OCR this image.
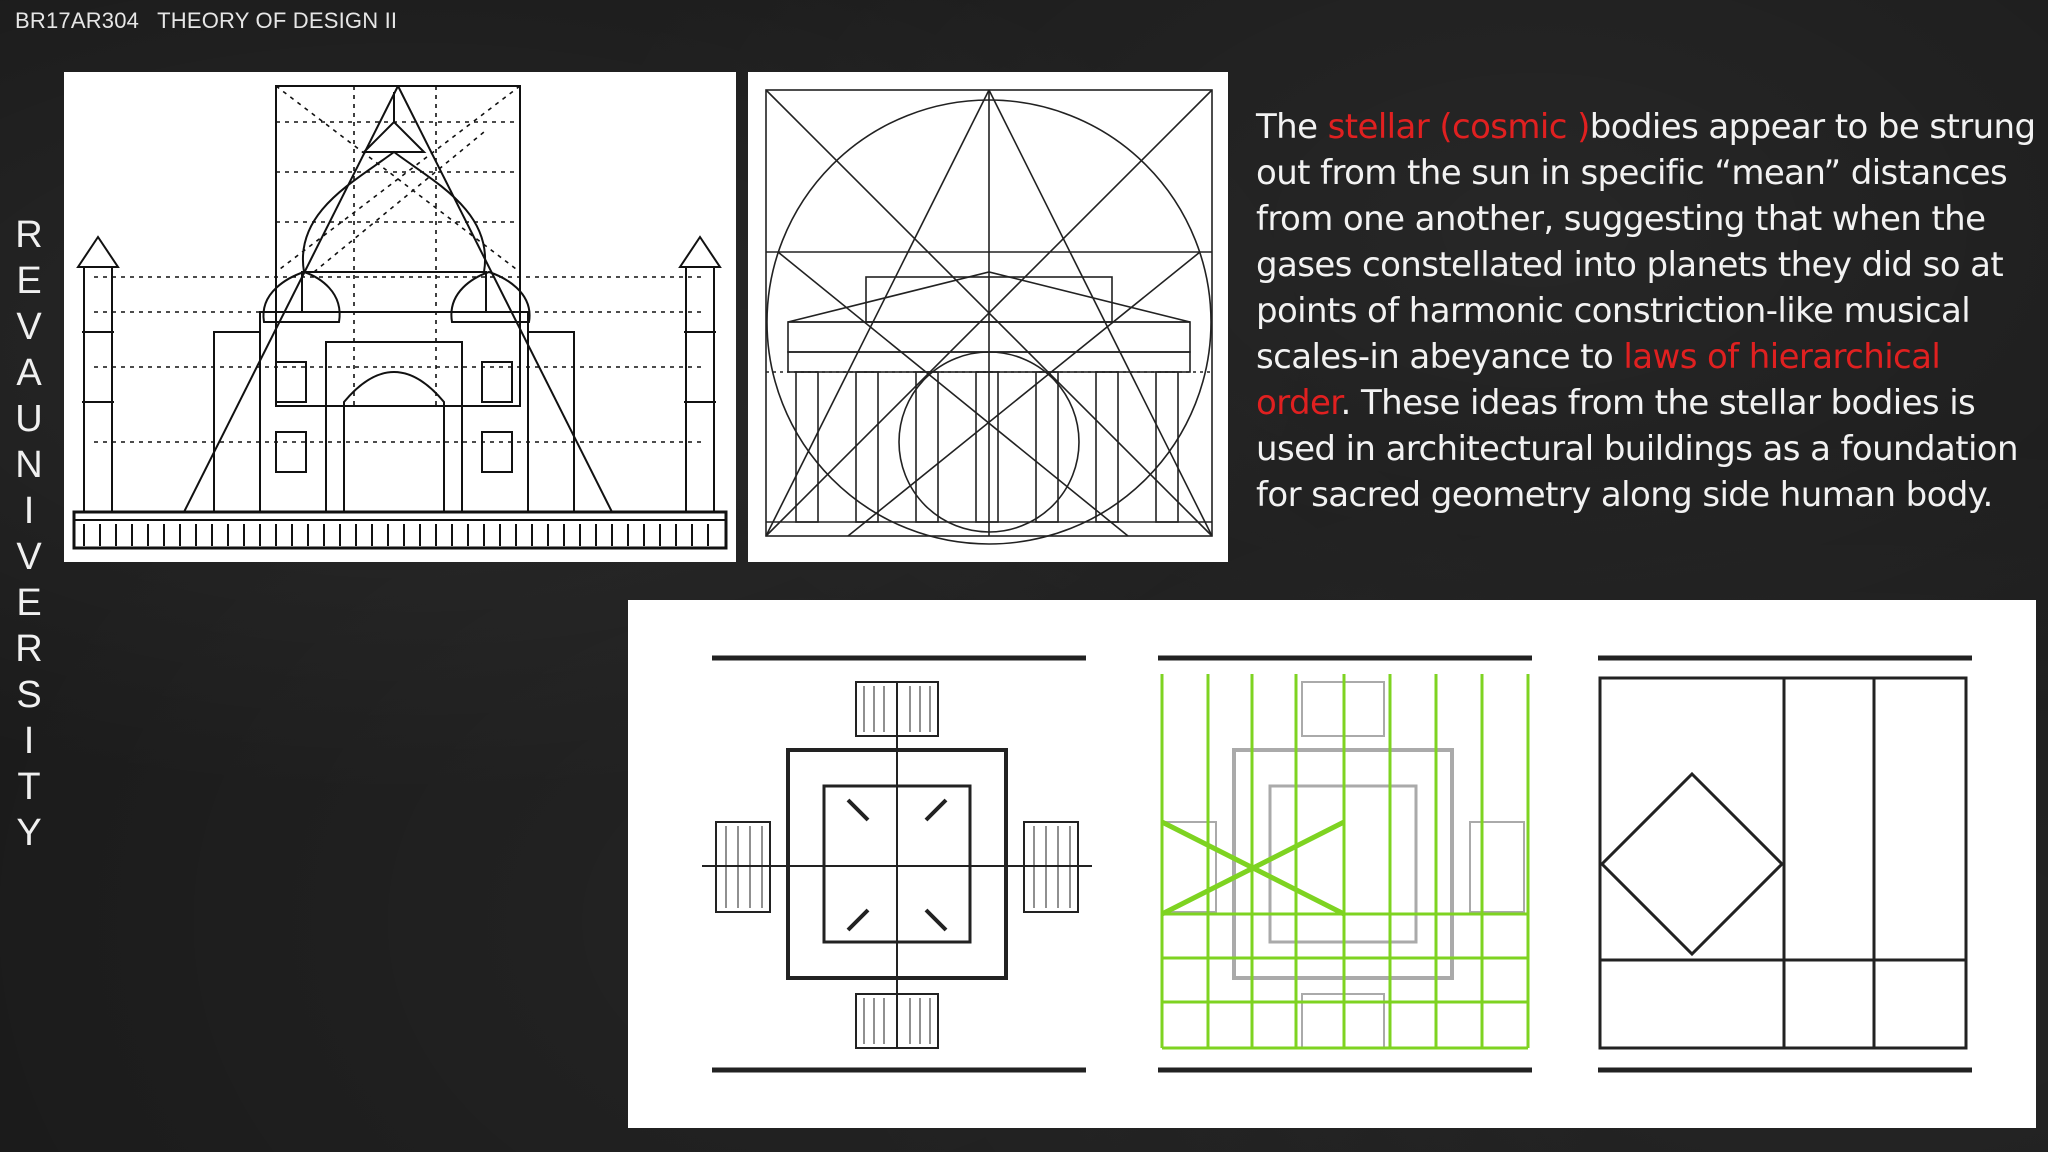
BR17AR304 THEORY OF DESIGN II
R
E
V
A
U
N
I
V
E
R
S
I
T
Y
The stellar (cosmic )bodies appear to be strung out from the sun in specific “mean” distances from one another, suggesting that when the gases constellated into planets they did so at points of harmonic constriction-like musical scales-in abeyance to laws of hierarchical order. These ideas from the stellar bodies is used in architectural buildings as a foundation for sacred geometry along side human body.
